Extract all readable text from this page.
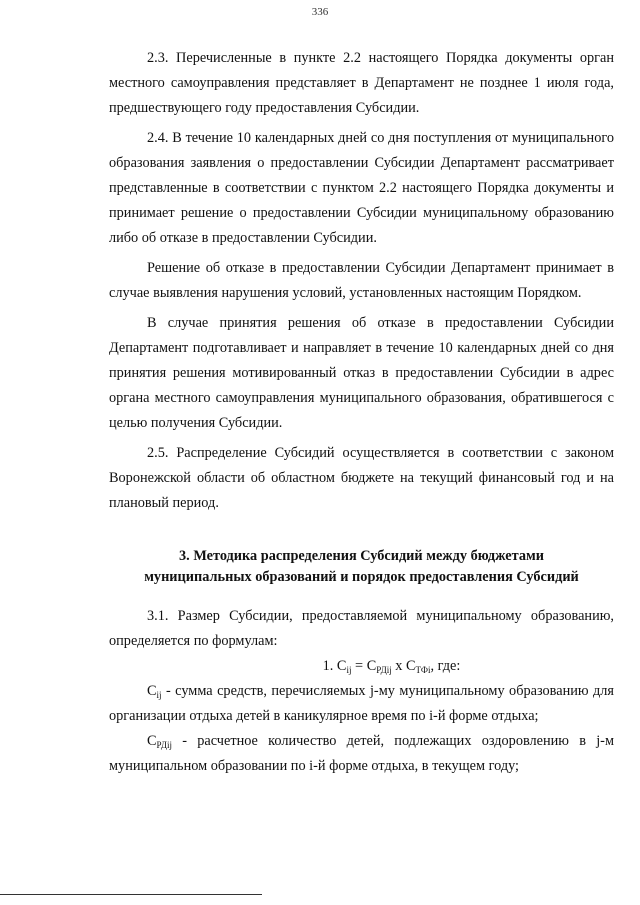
336

2.3. Перечисленные в пункте 2.2 настоящего Порядка документы орган местного самоуправления представляет в Департамент не позднее 1 июля года, предшествующего году предоставления Субсидии.

2.4. В течение 10 календарных дней со дня поступления от муниципального образования заявления о предоставлении Субсидии Департамент рассматривает представленные в соответствии с пунктом 2.2 настоящего Порядка документы и принимает решение о предоставлении Субсидии муниципальному образованию либо об отказе в предоставлении Субсидии.

Решение об отказе в предоставлении Субсидии Департамент принимает в случае выявления нарушения условий, установленных настоящим Порядком.

В случае принятия решения об отказе в предоставлении Субсидии Департамент подготавливает и направляет в течение 10 календарных дней со дня принятия решения мотивированный отказ в предоставлении Субсидии в адрес органа местного самоуправления муниципального образования, обратившегося с целью получения Субсидии.

2.5. Распределение Субсидий осуществляется в соответствии с законом Воронежской области об областном бюджете на текущий финансовый год и на плановый период.

3. Методика распределения Субсидий между бюджетами
муниципальных образований и порядок предоставления Субсидий

3.1. Размер Субсидии, предоставляемой муниципальному образованию, определяется по формулам:

1. $C_{ij} = C_{РДij}$ х $C_{ТФi}$, где:

$C_{ij}$ - сумма средств, перечисляемых j-му муниципальному образованию для организации отдыха детей в каникулярное время по i-й форме отдыха;

$C_{РДij}$ - расчетное количество детей, подлежащих оздоровлению в j-м муниципальном образовании по i-й форме отдыха, в текущем году;
